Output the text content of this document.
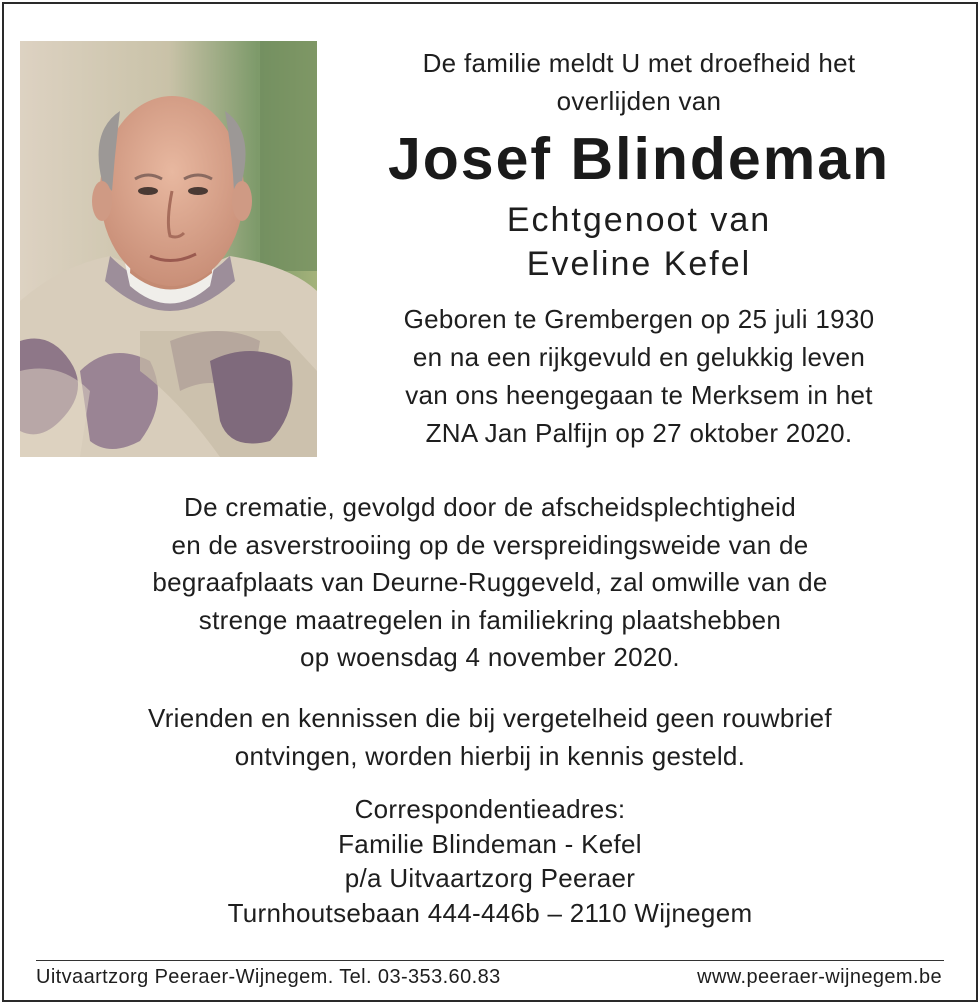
De familie meldt U met droefheid het
overlijden van
Josef Blindeman
Echtgenoot van
Eveline Kefel
Geboren te Grembergen op 25 juli 1930
en na een rijkgevuld en gelukkig leven
van ons heengegaan te Merksem in het
ZNA Jan Palfijn op 27 oktober 2020.
De crematie, gevolgd door de afscheidsplechtigheid
en de asverstrooiing op de verspreidingsweide van de
begraafplaats van Deurne-Ruggeveld, zal omwille van de
strenge maatregelen in familiekring plaatshebben
op woensdag 4 november 2020.
Vrienden en kennissen die bij vergetelheid geen rouwbrief
ontvingen, worden hierbij in kennis gesteld.
Correspondentieadres:
Familie Blindeman - Kefel
p/a Uitvaartzorg Peeraer
Turnhoutsebaan 444-446b – 2110 Wijnegem
Uitvaartzorg Peeraer-Wijnegem. Tel. 03-353.60.83	www.peeraer-wijnegem.be
